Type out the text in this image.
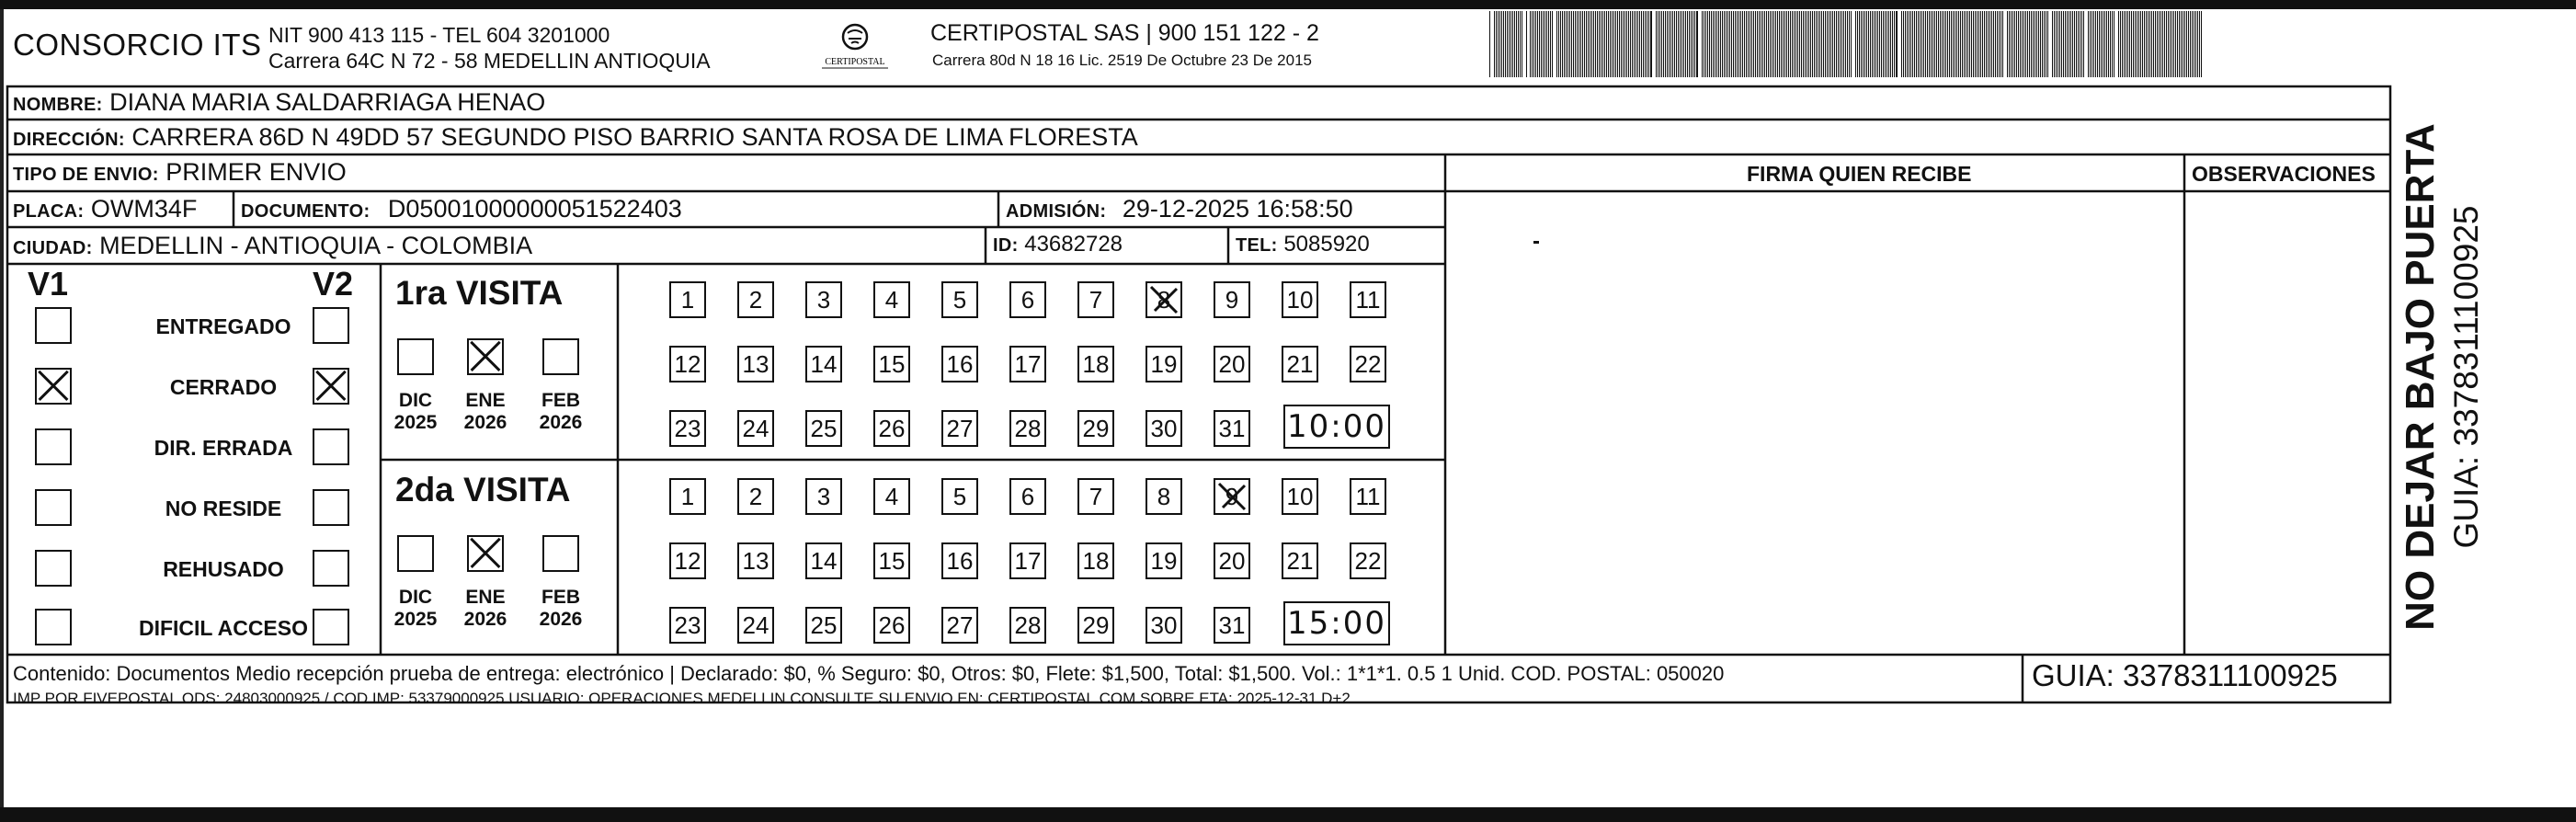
CONSORCIO ITS NIT 900 413 115 - TEL 604 3201000
Carrera 64C N 72 - 58 MEDELLIN ANTIOQUIA	CERTIPOSTAL
CERTIPOSTAL SAS | 900 151 122 - 2
Carrera 80d N 18 16 Lic. 2519 De Octubre 23 De 2015
NOMBRE: DIANA MARIA SALDARRIAGA HENAO
DIRECCIÓN: CARRERA 86D N 49DD 57 SEGUNDO PISO BARRIO SANTA ROSA DE LIMA FLORESTA
TIPO DE ENVIO: PRIMER ENVIO
PLACA: OWM34F DOCUMENTO: D05001000000051522403	ADMISIÓN: 29-12-2025 16:58:50
CIUDAD: MEDELLIN - ANTIOQUIA - COLOMBIA	ID: 43682728	TEL: 5085920
FIRMA QUIEN RECIBE	OBSERVACIONES
V1	V2
ENTREGADO
CERRADO
DIR. ERRADA
NO RESIDE
REHUSADO
DIFICIL ACCESO
1ra VISITA
DIC
2025
ENE
2026
FEB
2026
1	2	3	4	5	6	7	8	9	10 11
12 13 14 15 16 17 18 19 20 21 22
23 24 25 26 27 28 29 30 31 10:00
2da VISITA
DIC
2025
ENE
2026
FEB
2026
1	2	3	4	5	6	7	8	9	10 11
12 13 14 15 16 17 18 19 20 21 22
23 24 25 26 27 28 29 30 31 15:00
Contenido: Documentos Medio recepción prueba de entrega: electrónico | Declarado: $0, % Seguro: $0, Otros: $0, Flete: $1,500, Total: $1,500. Vol.: 1*1*1. 0.5 1 Unid. COD. POSTAL: 050020
IMP POR FIVEPOSTAL ODS: 24803000925 / COD.IMP: 53379000925 USUARIO: OPERACIONES MEDELLIN CONSULTE SU ENVIO EN: CERTIPOSTAL.COM SOBRE ETA: 2025-12-31 D+2
GUIA: 3378311100925
NO DEJAR BAJO PUERTA GUIA: 3378311100925
